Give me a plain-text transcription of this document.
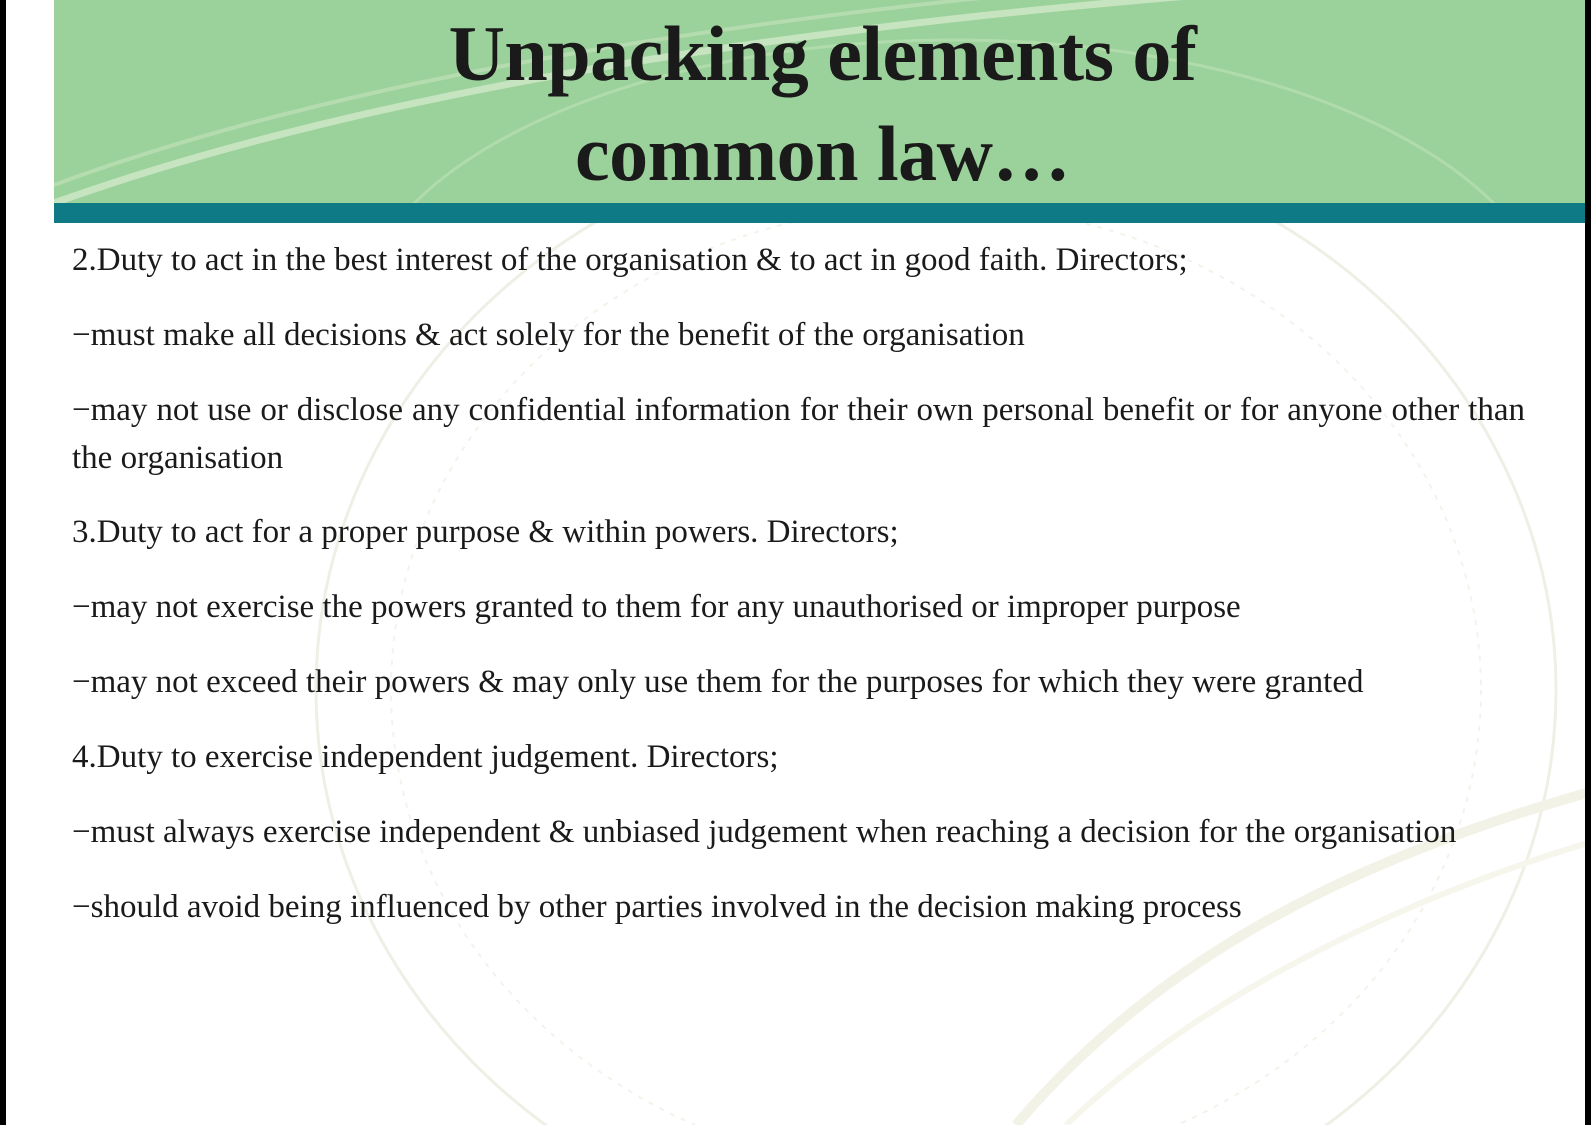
Unpacking elements of
common law…

2.Duty to act in the best interest of the organisation & to act in good faith. Directors;

−must make all decisions & act solely for the benefit of the organisation

−may not use or disclose any confidential information for their own personal benefit or for anyone other than the organisation

3.Duty to act for a proper purpose & within powers. Directors;

−may not exercise the powers granted to them for any unauthorised or improper purpose

−may not exceed their powers & may only use them for the purposes for which they were granted

4.Duty to exercise independent judgement. Directors;

−must always exercise independent & unbiased judgement when reaching a decision for the organisation

−should avoid being influenced by other parties involved in the decision making process
